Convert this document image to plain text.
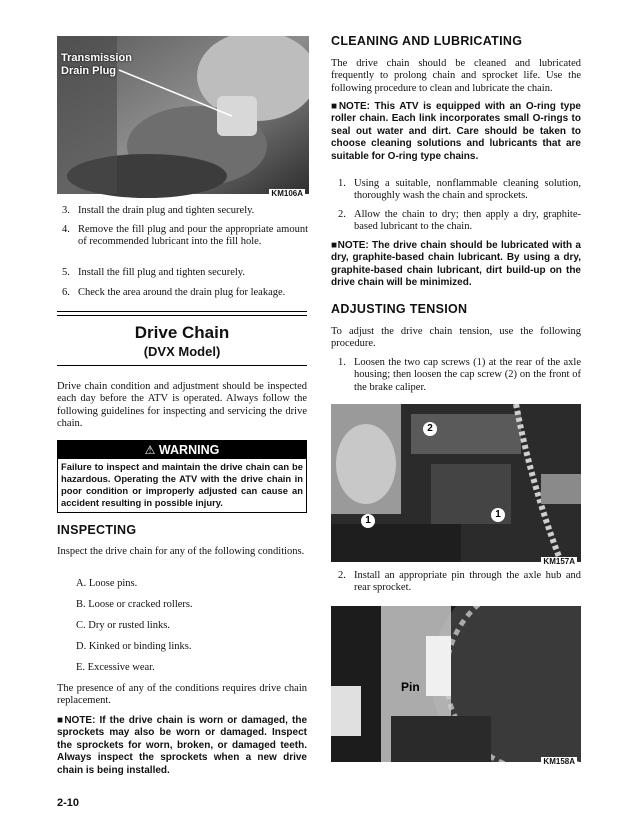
Transmission
Drain Plug
KM106A
3. Install the drain plug and tighten securely.
4. Remove the fill plug and pour the appropriate amount of recommended lubricant into the fill hole.
5. Install the fill plug and tighten securely.
6. Check the area around the drain plug for leakage.
Drive Chain
(DVX Model)

Drive chain condition and adjustment should be inspected each day before the ATV is operated. Always follow the following guidelines for inspecting and servicing the drive chain.

⚠ WARNING

Failure to inspect and maintain the drive chain can be hazardous. Operating the ATV with the drive chain in poor condition or improperly adjusted can cause an accident resulting in possible injury.

INSPECTING

Inspect the drive chain for any of the following conditions.

A. Loose pins.
B. Loose or cracked rollers.
C. Dry or rusted links.
D. Kinked or binding links.
E. Excessive wear.

The presence of any of the conditions requires drive chain replacement.

■NOTE: If the drive chain is worn or damaged, the sprockets may also be worn or damaged. Inspect the sprockets for worn, broken, or damaged teeth. Always inspect the sprockets when a new drive chain is being installed.

2-10
CLEANING AND LUBRICATING

The drive chain should be cleaned and lubricated frequently to prolong chain and sprocket life. Use the following procedure to clean and lubricate the chain.

■NOTE: This ATV is equipped with an O-ring type roller chain. Each link incorporates small O-rings to seal out water and dirt. Care should be taken to choose cleaning solutions and lubricants that are suitable for O-ring type chains.

1. Using a suitable, nonflammable cleaning solution, thoroughly wash the chain and sprockets.
2. Allow the chain to dry; then apply a dry, graphite-based lubricant to the chain.

■NOTE: The drive chain should be lubricated with a dry, graphite-based chain lubricant. By using a dry, graphite-based chain lubricant, dirt build-up on the drive chain will be minimized.

ADJUSTING TENSION

To adjust the drive chain tension, use the following procedure.

1. Loosen the two cap screws (1) at the rear of the axle housing; then loosen the cap screw (2) on the front of the brake caliper.
2
1
1
KM157A
2. Install an appropriate pin through the axle hub and rear sprocket.
Pin
KM158A
